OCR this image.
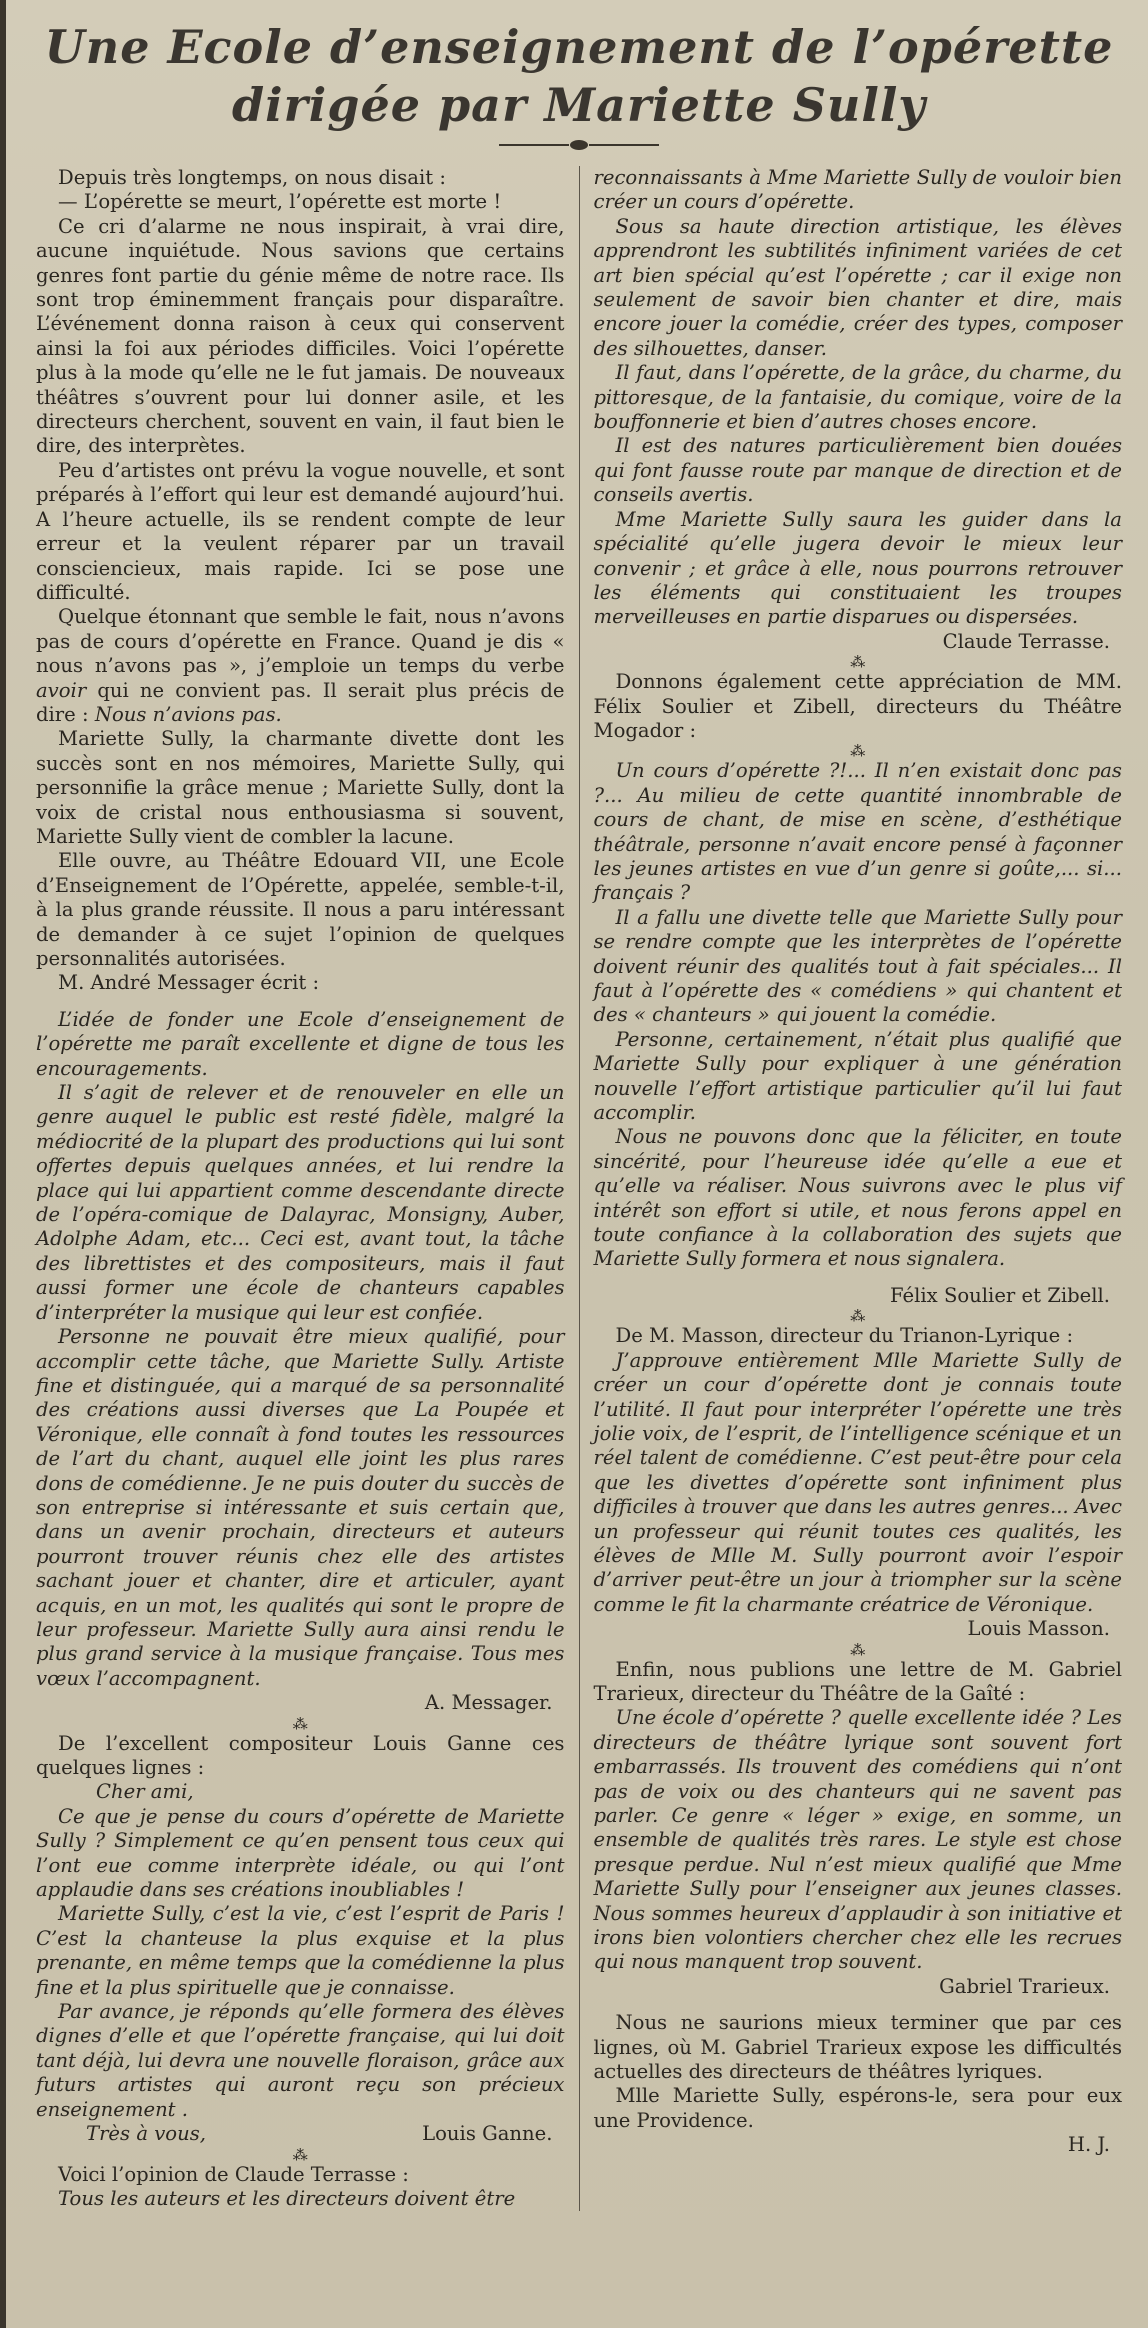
Une Ecole d’enseignement de l’opérette
dirigée par Mariette Sully

Depuis très longtemps, on nous disait :

— L’opérette se meurt, l’opérette est morte !

Ce cri d’alarme ne nous inspirait, à vrai dire, aucune inquiétude. Nous savions que certains genres font partie du génie même de notre race. Ils sont trop éminemment français pour disparaître. L’événement donna raison à ceux qui conservent ainsi la foi aux périodes difficiles. Voici l’opérette plus à la mode qu’elle ne le fut jamais. De nouveaux théâtres s’ouvrent pour lui donner asile, et les directeurs cherchent, souvent en vain, il faut bien le dire, des interprètes.

Peu d’artistes ont prévu la vogue nouvelle, et sont préparés à l’effort qui leur est demandé aujourd’hui. A l’heure actuelle, ils se rendent compte de leur erreur et la veulent réparer par un travail consciencieux, mais rapide. Ici se pose une difficulté.

Quelque étonnant que semble le fait, nous n’avons pas de cours d’opérette en France. Quand je dis « nous n’avons pas », j’emploie un temps du verbe avoir qui ne convient pas. Il serait plus précis de dire : Nous n’avions pas.

Mariette Sully, la charmante divette dont les succès sont en nos mémoires, Mariette Sully, qui personnifie la grâce menue ; Mariette Sully, dont la voix de cristal nous enthousiasma si souvent, Mariette Sully vient de combler la lacune.

Elle ouvre, au Théâtre Edouard VII, une Ecole d’Enseignement de l’Opérette, appelée, semble-t-il, à la plus grande réussite. Il nous a paru intéressant de demander à ce sujet l’opinion de quelques personnalités autorisées.

M. André Messager écrit :

L’idée de fonder une Ecole d’enseignement de l’opérette me paraît excellente et digne de tous les encouragements.

Il s’agit de relever et de renouveler en elle un genre auquel le public est resté fidèle, malgré la médiocrité de la plupart des productions qui lui sont offertes depuis quelques années, et lui rendre la place qui lui appartient comme descendante directe de l’opéra-comique de Dalayrac, Monsigny, Auber, Adolphe Adam, etc... Ceci est, avant tout, la tâche des librettistes et des compositeurs, mais il faut aussi former une école de chanteurs capables d’interpréter la musique qui leur est confiée.

Personne ne pouvait être mieux qualifié, pour accomplir cette tâche, que Mariette Sully. Artiste fine et distinguée, qui a marqué de sa personnalité des créations aussi diverses que La Poupée et Véronique, elle connaît à fond toutes les ressources de l’art du chant, auquel elle joint les plus rares dons de comédienne. Je ne puis douter du succès de son entreprise si intéressante et suis certain que, dans un avenir prochain, directeurs et auteurs pourront trouver réunis chez elle des artistes sachant jouer et chanter, dire et articuler, ayant acquis, en un mot, les qualités qui sont le propre de leur professeur. Mariette Sully aura ainsi rendu le plus grand service à la musique française. Tous mes vœux l’accompagnent.

A. Messager.

⁂

De l’excellent compositeur Louis Ganne ces quelques lignes :

Cher ami,

Ce que je pense du cours d’opérette de Mariette Sully ? Simplement ce qu’en pensent tous ceux qui l’ont eue comme interprète idéale, ou qui l’ont applaudie dans ses créations inoubliables !

Mariette Sully, c’est la vie, c’est l’esprit de Paris ! C’est la chanteuse la plus exquise et la plus prenante, en même temps que la comédienne la plus fine et la plus spirituelle que je connaisse.

Par avance, je réponds qu’elle formera des élèves dignes d’elle et que l’opérette française, qui lui doit tant déjà, lui devra une nouvelle floraison, grâce aux futurs artistes qui auront reçu son précieux enseignement .

Très à vous,	Louis Ganne.

⁂

Voici l’opinion de Claude Terrasse :

Tous les auteurs et les directeurs doivent être

reconnaissants à Mme Mariette Sully de vouloir bien créer un cours d’opérette.

Sous sa haute direction artistique, les élèves apprendront les subtilités infiniment variées de cet art bien spécial qu’est l’opérette ; car il exige non seulement de savoir bien chanter et dire, mais encore jouer la comédie, créer des types, composer des silhouettes, danser.

Il faut, dans l’opérette, de la grâce, du charme, du pittoresque, de la fantaisie, du comique, voire de la bouffonnerie et bien d’autres choses encore.

Il est des natures particulièrement bien douées qui font fausse route par manque de direction et de conseils avertis.

Mme Mariette Sully saura les guider dans la spécialité qu’elle jugera devoir le mieux leur convenir ; et grâce à elle, nous pourrons retrouver les éléments qui constituaient les troupes merveilleuses en partie disparues ou dispersées.

Claude Terrasse.

⁂

Donnons également cette appréciation de MM. Félix Soulier et Zibell, directeurs du Théâtre Mogador :

⁂

Un cours d’opérette ?!... Il n’en existait donc pas ?... Au milieu de cette quantité innombrable de cours de chant, de mise en scène, d’esthétique théâtrale, personne n’avait encore pensé à façonner les jeunes artistes en vue d’un genre si goûte,... si... français ?

Il a fallu une divette telle que Mariette Sully pour se rendre compte que les interprètes de l’opérette doivent réunir des qualités tout à fait spéciales... Il faut à l’opérette des « comédiens » qui chantent et des « chanteurs » qui jouent la comédie.

Personne, certainement, n’était plus qualifié que Mariette Sully pour expliquer à une génération nouvelle l’effort artistique particulier qu’il lui faut accomplir.

Nous ne pouvons donc que la féliciter, en toute sincérité, pour l’heureuse idée qu’elle a eue et qu’elle va réaliser. Nous suivrons avec le plus vif intérêt son effort si utile, et nous ferons appel en toute confiance à la collaboration des sujets que Mariette Sully formera et nous signalera.

Félix Soulier et Zibell.

⁂

De M. Masson, directeur du Trianon-Lyrique :

J’approuve entièrement Mlle Mariette Sully de créer un cour d’opérette dont je connais toute l’utilité. Il faut pour interpréter l’opérette une très jolie voix, de l’esprit, de l’intelligence scénique et un réel talent de comédienne. C’est peut-être pour cela que les divettes d’opérette sont infiniment plus difficiles à trouver que dans les autres genres... Avec un professeur qui réunit toutes ces qualités, les élèves de Mlle M. Sully pourront avoir l’espoir d’arriver peut-être un jour à triompher sur la scène comme le fit la charmante créatrice de Véronique.

Louis Masson.

⁂

Enfin, nous publions une lettre de M. Gabriel Trarieux, directeur du Théâtre de la Gaîté :

Une école d’opérette ? quelle excellente idée ? Les directeurs de théâtre lyrique sont souvent fort embarrassés. Ils trouvent des comédiens qui n’ont pas de voix ou des chanteurs qui ne savent pas parler. Ce genre « léger » exige, en somme, un ensemble de qualités très rares. Le style est chose presque perdue. Nul n’est mieux qualifié que Mme Mariette Sully pour l’enseigner aux jeunes classes. Nous sommes heureux d’applaudir à son initiative et irons bien volontiers chercher chez elle les recrues qui nous manquent trop souvent.

Gabriel Trarieux.

Nous ne saurions mieux terminer que par ces lignes, où M. Gabriel Trarieux expose les difficultés actuelles des directeurs de théâtres lyriques.

Mlle Mariette Sully, espérons-le, sera pour eux une Providence.

H. J.
